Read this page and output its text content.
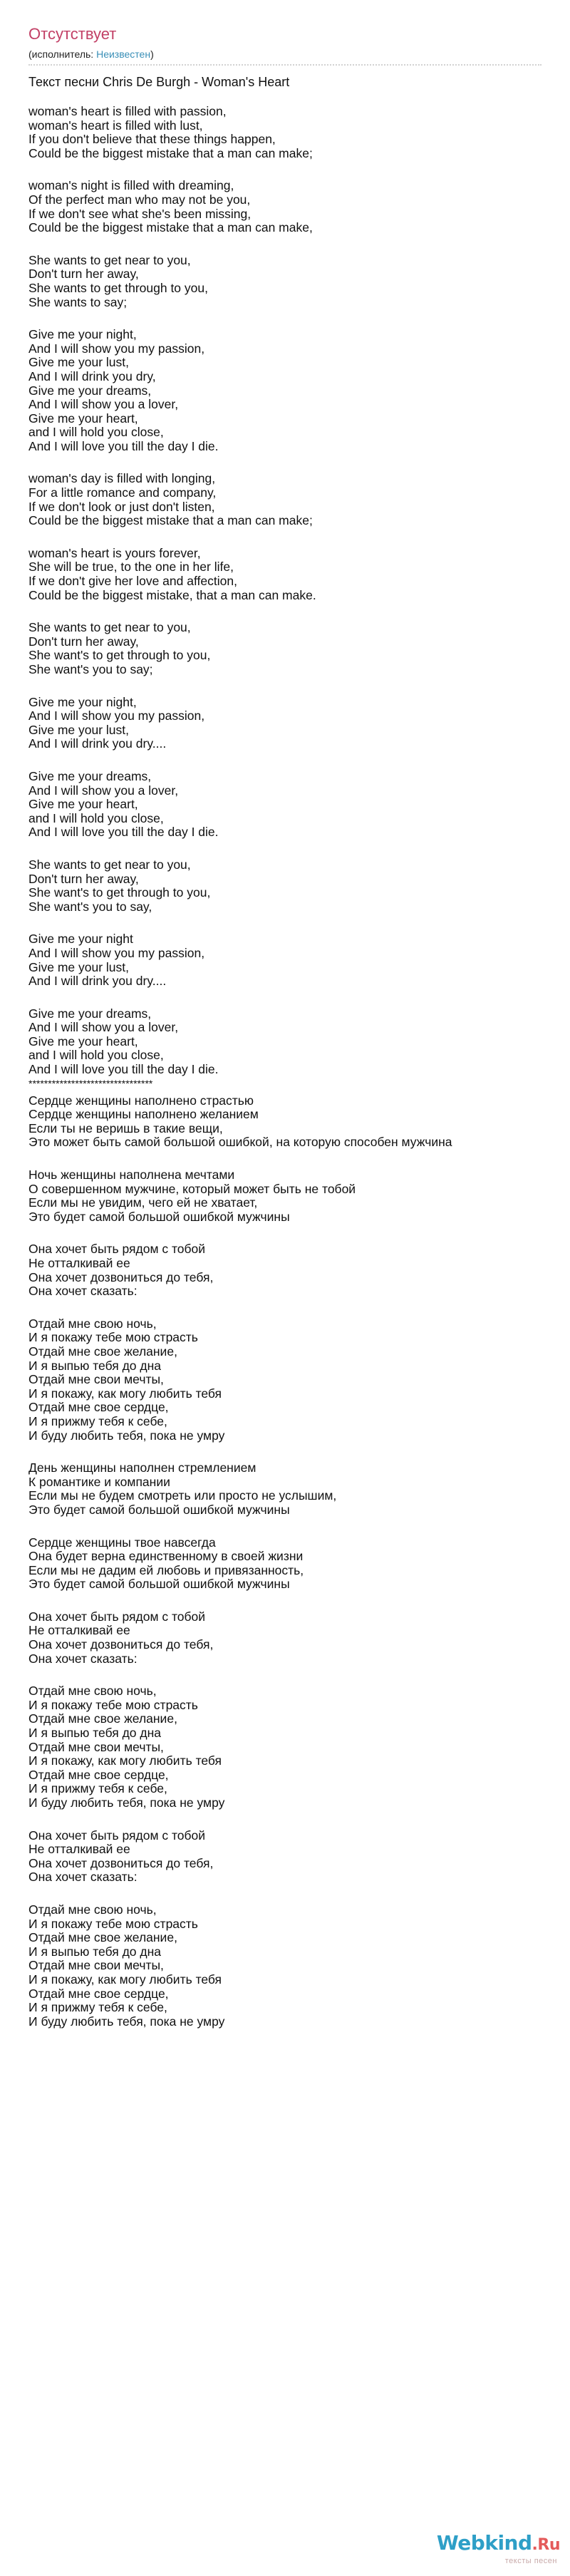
Отсутствует
(исполнитель: Неизвестен)
Текст песни Chris De Burgh - Woman's Heart
woman's heart is filled with passion,
woman's heart is filled with lust,
If you don't believe that these things happen,
Could be the biggest mistake that a man can make;
woman's night is filled with dreaming,
Of the perfect man who may not be you,
If we don't see what she's been missing,
Could be the biggest mistake that a man can make,
She wants to get near to you,
Don't turn her away,
She wants to get through to you,
She wants to say;
Give me your night,
And I will show you my passion,
Give me your lust,
And I will drink you dry,
Give me your dreams,
And I will show you a lover,
Give me your heart,
and I will hold you close,
And I will love you till the day I die.
woman's day is filled with longing,
For a little romance and company,
If we don't look or just don't listen,
Could be the biggest mistake that a man can make;
woman's heart is yours forever,
She will be true, to the one in her life,
If we don't give her love and affection,
Could be the biggest mistake, that a man can make.
She wants to get near to you,
Don't turn her away,
She want's to get through to you,
She want's you to say;
Give me your night,
And I will show you my passion,
Give me your lust,
And I will drink you dry....
Give me your dreams,
And I will show you a lover,
Give me your heart,
and I will hold you close,
And I will love you till the day I die.
She wants to get near to you,
Don't turn her away,
She want's to get through to you,
She want's you to say,
Give me your night
And I will show you my passion,
Give me your lust,
And I will drink you dry....
Give me your dreams,
And I will show you a lover,
Give me your heart,
and I will hold you close,
And I will love you till the day I die.
********************************
Сердце женщины наполнено страстью
Сердце женщины наполнено желанием
Если ты не веришь в такие вещи,
Это может быть самой большой ошибкой, на которую способен мужчина
Ночь женщины наполнена мечтами
О совершенном мужчине, который может быть не тобой
Если мы не увидим, чего ей не хватает,
Это будет самой большой ошибкой мужчины
Она хочет быть рядом с тобой
Не отталкивай ее
Она хочет дозвониться до тебя,
Она хочет сказать:
Отдай мне свою ночь,
И я покажу тебе мою страсть
Отдай мне свое желание,
И я выпью тебя до дна
Отдай мне свои мечты,
И я покажу, как могу любить тебя
Отдай мне свое сердце,
И я прижму тебя к себе,
И буду любить тебя, пока не умру
День женщины наполнен стремлением
К романтике и компании
Если мы не будем смотреть или просто не услышим,
Это будет самой большой ошибкой мужчины
Сердце женщины твое навсегда
Она будет верна единственному в своей жизни
Если мы не дадим ей любовь и привязанность,
Это будет самой большой ошибкой мужчины
Она хочет быть рядом с тобой
Не отталкивай ее
Она хочет дозвониться до тебя,
Она хочет сказать:
Отдай мне свою ночь,
И я покажу тебе мою страсть
Отдай мне свое желание,
И я выпью тебя до дна
Отдай мне свои мечты,
И я покажу, как могу любить тебя
Отдай мне свое сердце,
И я прижму тебя к себе,
И буду любить тебя, пока не умру
Она хочет быть рядом с тобой
Не отталкивай ее
Она хочет дозвониться до тебя,
Она хочет сказать:
Отдай мне свою ночь,
И я покажу тебе мою страсть
Отдай мне свое желание,
И я выпью тебя до дна
Отдай мне свои мечты,
И я покажу, как могу любить тебя
Отдай мне свое сердце,
И я прижму тебя к себе,
И буду любить тебя, пока не умру
Webkind.Ru
тексты песен
